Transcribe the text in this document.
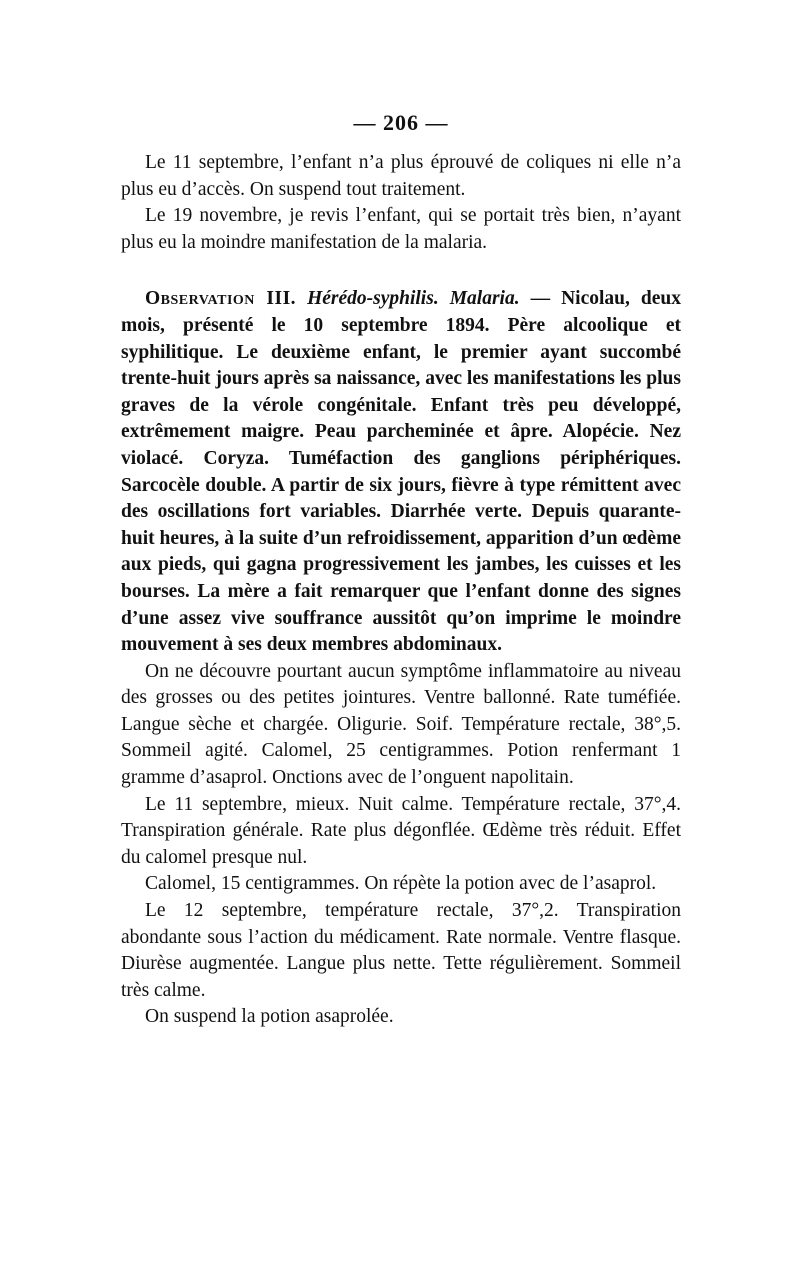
— 206 —

Le 11 septembre, l’enfant n’a plus éprouvé de coliques ni elle n’a plus eu d’accès. On suspend tout traitement.

Le 19 novembre, je revis l’enfant, qui se portait très bien, n’ayant plus eu la moindre manifestation de la malaria.

Observation III. Hérédo-syphilis. Malaria. — Nicolau, deux mois, présenté le 10 septembre 1894. Père alcoolique et syphilitique. Le deuxième enfant, le premier ayant succombé trente-huit jours après sa naissance, avec les manifestations les plus graves de la vérole congénitale. Enfant très peu développé, extrêmement maigre. Peau parcheminée et âpre. Alopécie. Nez violacé. Coryza. Tuméfaction des ganglions périphériques. Sarcocèle double. A partir de six jours, fièvre à type rémittent avec des oscillations fort variables. Diarrhée verte. Depuis quarante-huit heures, à la suite d’un refroidissement, apparition d’un œdème aux pieds, qui gagna progressivement les jambes, les cuisses et les bourses. La mère a fait remarquer que l’enfant donne des signes d’une assez vive souffrance aussitôt qu’on imprime le moindre mouvement à ses deux membres abdominaux.

On ne découvre pourtant aucun symptôme inflammatoire au niveau des grosses ou des petites jointures. Ventre ballonné. Rate tuméfiée. Langue sèche et chargée. Oligurie. Soif. Température rectale, 38°,5. Sommeil agité. Calomel, 25 centigrammes. Potion renfermant 1 gramme d’asaprol. Onctions avec de l’onguent napolitain.

Le 11 septembre, mieux. Nuit calme. Température rectale, 37°,4. Transpiration générale. Rate plus dégonflée. Œdème très réduit. Effet du calomel presque nul.

Calomel, 15 centigrammes. On répète la potion avec de l’asaprol.

Le 12 septembre, température rectale, 37°,2. Transpiration abondante sous l’action du médicament. Rate normale. Ventre flasque. Diurèse augmentée. Langue plus nette. Tette régulièrement. Sommeil très calme.

On suspend la potion asaprolée.
